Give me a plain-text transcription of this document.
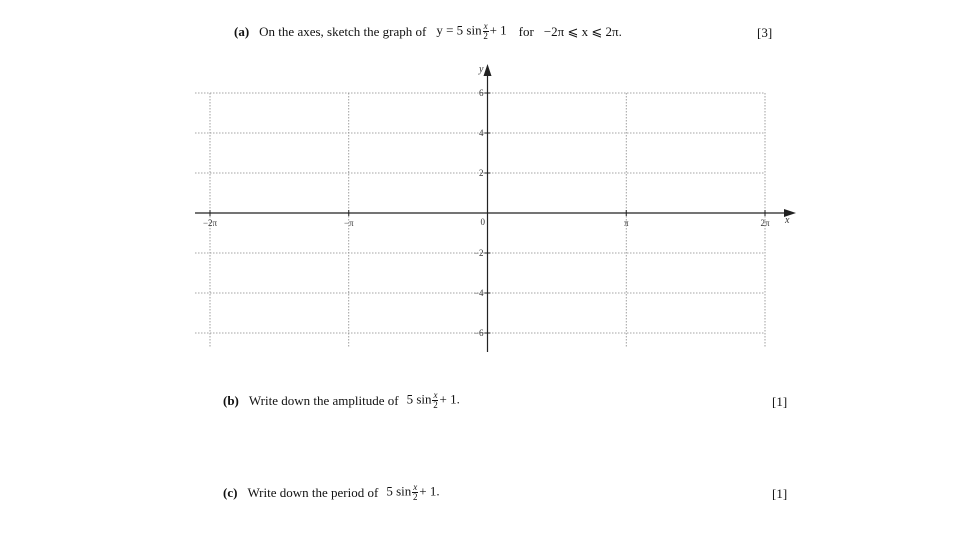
(a) On the axes, sketch the graph of y = 5 $\sin \frac{x}{2} + 1$ for −2π ⩽ x ⩽ 2π.	[3]
x
y
0
6
4
2
−2
−4
−6
−2π	−π	π	2π
(b) Write down the amplitude of 5 $\sin \frac{x}{2} + 1$.	[1]
(c) Write down the period of 5 $\sin \frac{x}{2} + 1$.	[1]
